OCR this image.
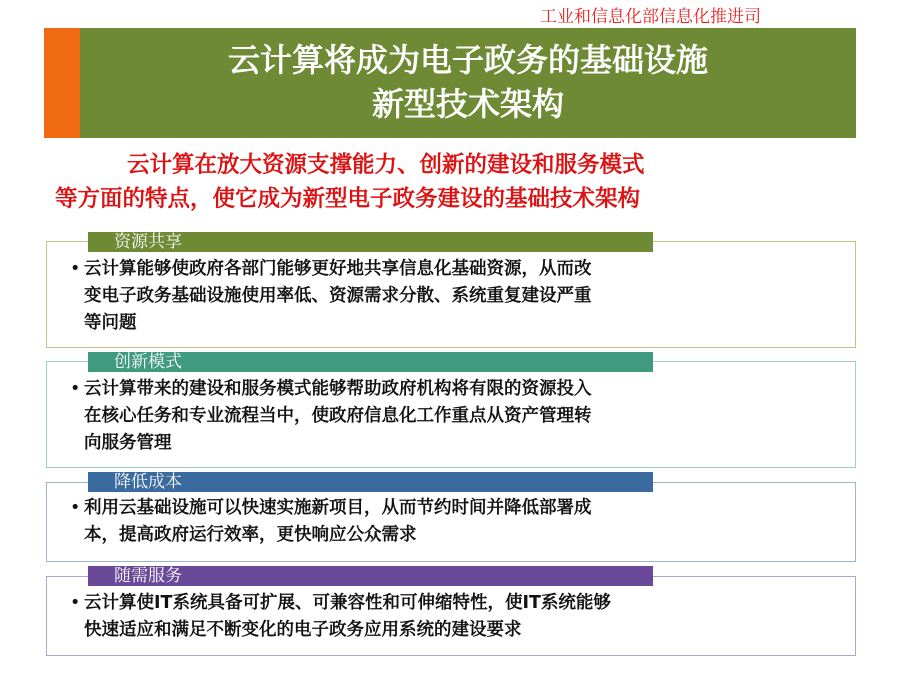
工业和信息化部信息化推进司
云计算将成为电子政务的基础设施
新型技术架构
云计算在放大资源支撑能力、创新的建设和服务模式
等方面的特点，使它成为新型电子政务建设的基础技术架构
资源共享
• 云计算能够使政府各部门能够更好地共享信息化基础资源，从而改
变电子政务基础设施使用率低、资源需求分散、系统重复建设严重
等问题
创新模式
• 云计算带来的建设和服务模式能够帮助政府机构将有限的资源投入
在核心任务和专业流程当中，使政府信息化工作重点从资产管理转
向服务管理
降低成本
• 利用云基础设施可以快速实施新项目，从而节约时间并降低部署成
本，提高政府运行效率，更快响应公众需求
随需服务
• 云计算使IT系统具备可扩展、可兼容性和可伸缩特性，使IT系统能够
快速适应和满足不断变化的电子政务应用系统的建设要求
